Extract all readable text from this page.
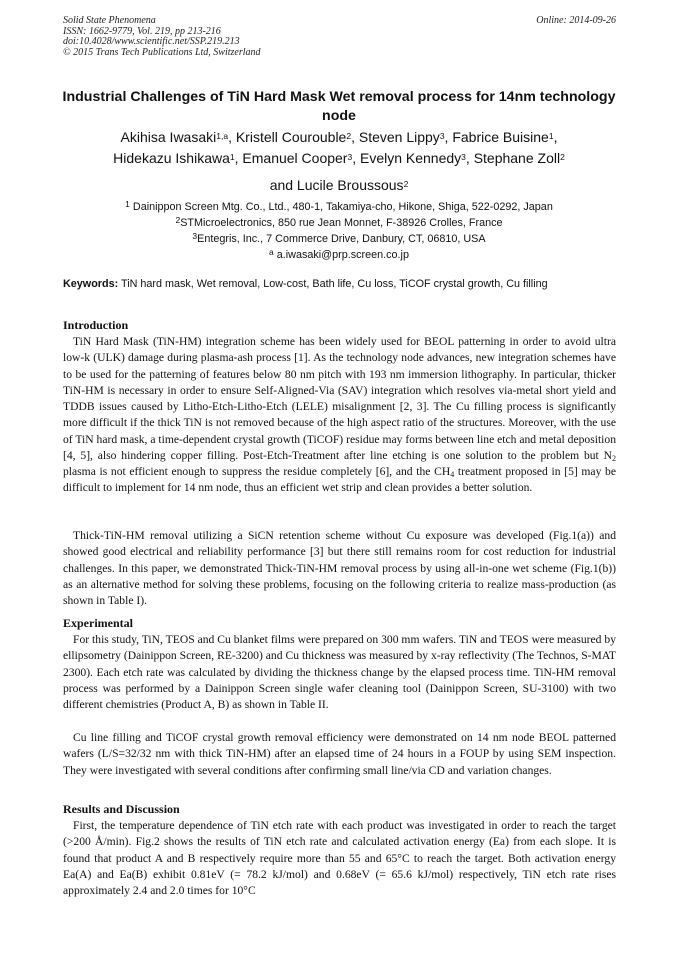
Solid State Phenomena
ISSN: 1662-9779, Vol. 219, pp 213-216
doi:10.4028/www.scientific.net/SSP.219.213
© 2015 Trans Tech Publications Ltd, Switzerland
Online: 2014-09-26
Industrial Challenges of TiN Hard Mask Wet removal process for 14nm technology node
Akihisa Iwasaki$^{1,a}$, Kristell Courouble$^2$, Steven Lippy$^3$, Fabrice Buisine$^1$,
Hidekazu Ishikawa$^1$, Emanuel Cooper$^3$, Evelyn Kennedy$^3$, Stephane Zoll$^2$
and Lucile Broussous$^2$
$^1$ Dainippon Screen Mtg. Co., Ltd., 480-1, Takamiya-cho, Hikone, Shiga, 522-0292, Japan
$^2$STMicroelectronics, 850 rue Jean Monnet, F-38926 Crolles, France
$^3$Entegris, Inc., 7 Commerce Drive, Danbury, CT, 06810, USA
$^a$ a.iwasaki@prp.screen.co.jp
Keywords: TiN hard mask, Wet removal, Low-cost, Bath life, Cu loss, TiCOF crystal growth, Cu filling
Introduction

TiN Hard Mask (TiN-HM) integration scheme has been widely used for BEOL patterning in order to avoid ultra low-k (ULK) damage during plasma-ash process [1]. As the technology node advances, new integration schemes have to be used for the patterning of features below 80 nm pitch with 193 nm immersion lithography. In particular, thicker TiN-HM is necessary in order to ensure Self-Aligned-Via (SAV) integration which resolves via-metal short yield and TDDB issues caused by Litho-Etch-Litho-Etch (LELE) misalignment [2, 3]. The Cu filling process is significantly more difficult if the thick TiN is not removed because of the high aspect ratio of the structures. Moreover, with the use of TiN hard mask, a time-dependent crystal growth (TiCOF) residue may forms between line etch and metal deposition [4, 5], also hindering copper filling. Post-Etch-Treatment after line etching is one solution to the problem but $N_2$ plasma is not efficient enough to suppress the residue completely [6], and the $CH_4$ treatment proposed in [5] may be difficult to implement for 14 nm node, thus an efficient wet strip and clean provides a better solution.

Thick-TiN-HM removal utilizing a SiCN retention scheme without Cu exposure was developed (Fig.1(a)) and showed good electrical and reliability performance [3] but there still remains room for cost reduction for industrial challenges. In this paper, we demonstrated Thick-TiN-HM removal process by using all-in-one wet scheme (Fig.1(b)) as an alternative method for solving these problems, focusing on the following criteria to realize mass-production (as shown in Table I).

Experimental

For this study, TiN, TEOS and Cu blanket films were prepared on 300 mm wafers. TiN and TEOS were measured by ellipsometry (Dainippon Screen, RE-3200) and Cu thickness was measured by x-ray reflectivity (The Technos, S-MAT 2300). Each etch rate was calculated by dividing the thickness change by the elapsed process time. TiN-HM removal process was performed by a Dainippon Screen single wafer cleaning tool (Dainippon Screen, SU-3100) with two different chemistries (Product A, B) as shown in Table II.

Cu line filling and TiCOF crystal growth removal efficiency were demonstrated on 14 nm node BEOL patterned wafers (L/S=32/32 nm with thick TiN-HM) after an elapsed time of 24 hours in a FOUP by using SEM inspection. They were investigated with several conditions after confirming small line/via CD and variation changes.

Results and Discussion

First, the temperature dependence of TiN etch rate with each product was investigated in order to reach the target (>200 Å/min). Fig.2 shows the results of TiN etch rate and calculated activation energy (Ea) from each slope. It is found that product A and B respectively require more than 55 and 65°C to reach the target. Both activation energy Ea(A) and Ea(B) exhibit 0.81eV (= 78.2 kJ/mol) and 0.68eV (= 65.6 kJ/mol) respectively, TiN etch rate rises approximately 2.4 and 2.0 times for 10°C
